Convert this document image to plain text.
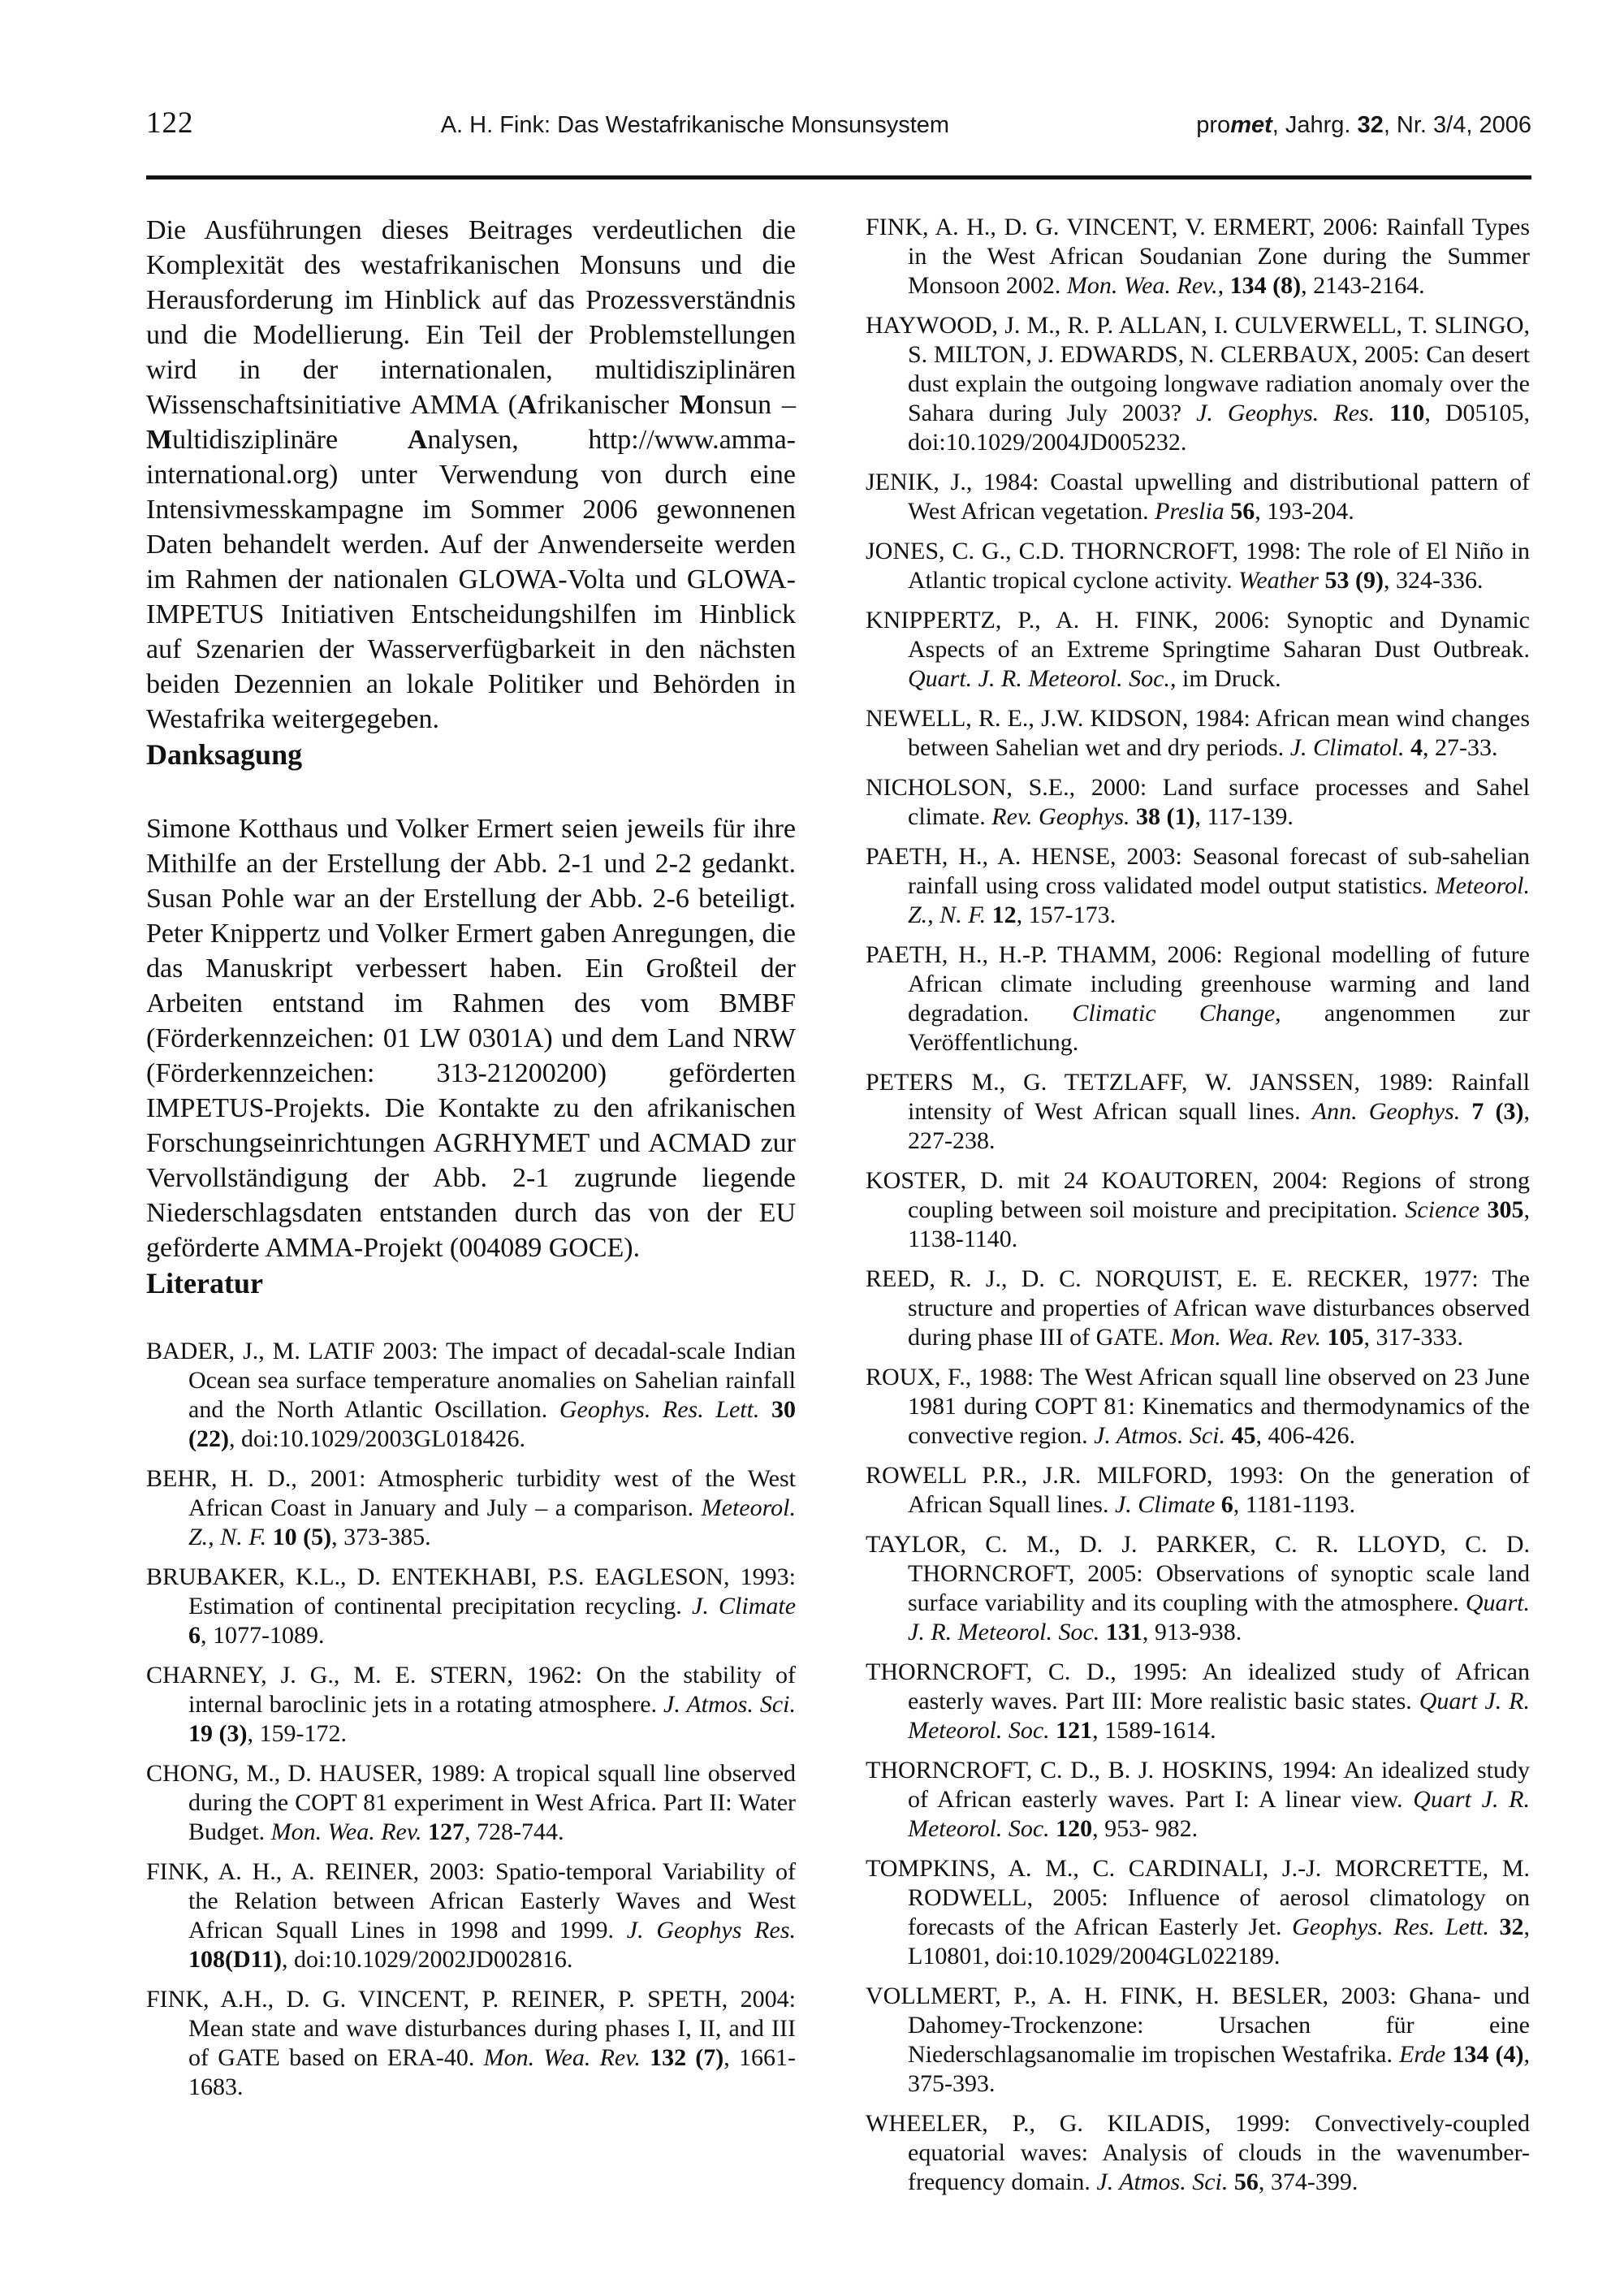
122	A. H. Fink: Das Westafrikanische Monsunsystem	promet, Jahrg. 32, Nr. 3/4, 2006

Die Ausführungen dieses Beitrages verdeutlichen die Komplexität des westafrikanischen Monsuns und die Herausforderung im Hinblick auf das Prozessverständnis und die Modellierung. Ein Teil der Problemstellungen wird in der internationalen, multidisziplinären Wissenschaftsinitiative AMMA (Afrikanischer Monsun – Multidisziplinäre Analysen, http://www.amma-international.org) unter Verwendung von durch eine Intensivmesskampagne im Sommer 2006 gewonnenen Daten behandelt werden. Auf der Anwenderseite werden im Rahmen der nationalen GLOWA-Volta und GLOWA-IMPETUS Initiativen Entscheidungshilfen im Hinblick auf Szenarien der Wasserverfügbarkeit in den nächsten beiden Dezennien an lokale Politiker und Behörden in Westafrika weitergegeben.

Danksagung

Simone Kotthaus und Volker Ermert seien jeweils für ihre Mithilfe an der Erstellung der Abb. 2-1 und 2-2 gedankt. Susan Pohle war an der Erstellung der Abb. 2-6 beteiligt. Peter Knippertz und Volker Ermert gaben Anregungen, die das Manuskript verbessert haben. Ein Großteil der Arbeiten entstand im Rahmen des vom BMBF (Förderkennzeichen: 01 LW 0301A) und dem Land NRW (Förderkennzeichen: 313-21200200) geförderten IMPETUS-Projekts. Die Kontakte zu den afrikanischen Forschungseinrichtungen AGRHYMET und ACMAD zur Vervollständigung der Abb. 2-1 zugrunde liegende Niederschlagsdaten entstanden durch das von der EU geförderte AMMA-Projekt (004089 GOCE).

Literatur

BADER, J., M. LATIF 2003: The impact of decadal-scale Indian Ocean sea surface temperature anomalies on Sahelian rainfall and the North Atlantic Oscillation. Geophys. Res. Lett. 30 (22), doi:10.1029/2003GL018426.

BEHR, H. D., 2001: Atmospheric turbidity west of the West African Coast in January and July – a comparison. Meteorol. Z., N. F. 10 (5), 373-385.

BRUBAKER, K.L., D. ENTEKHABI, P.S. EAGLESON, 1993: Estimation of continental precipitation recycling. J. Climate 6, 1077-1089.

CHARNEY, J. G., M. E. STERN, 1962: On the stability of internal baroclinic jets in a rotating atmosphere. J. Atmos. Sci. 19 (3), 159-172.

CHONG, M., D. HAUSER, 1989: A tropical squall line observed during the COPT 81 experiment in West Africa. Part II: Water Budget. Mon. Wea. Rev. 127, 728-744.

FINK, A. H., A. REINER, 2003: Spatio-temporal Variability of the Relation between African Easterly Waves and West African Squall Lines in 1998 and 1999. J. Geophys Res. 108(D11), doi:10.1029/2002JD002816.

FINK, A.H., D. G. VINCENT, P. REINER, P. SPETH, 2004: Mean state and wave disturbances during phases I, II, and III of GATE based on ERA-40. Mon. Wea. Rev. 132 (7), 1661-1683.

FINK, A. H., D. G. VINCENT, V. ERMERT, 2006: Rainfall Types in the West African Soudanian Zone during the Summer Monsoon 2002. Mon. Wea. Rev., 134 (8), 2143-2164.

HAYWOOD, J. M., R. P. ALLAN, I. CULVERWELL, T. SLINGO, S. MILTON, J. EDWARDS, N. CLERBAUX, 2005: Can desert dust explain the outgoing longwave radiation anomaly over the Sahara during July 2003? J. Geophys. Res. 110, D05105, doi:10.1029/2004JD005232.

JENIK, J., 1984: Coastal upwelling and distributional pattern of West African vegetation. Preslia 56, 193-204.

JONES, C. G., C.D. THORNCROFT, 1998: The role of El Niño in Atlantic tropical cyclone activity. Weather 53 (9), 324-336.

KNIPPERTZ, P., A. H. FINK, 2006: Synoptic and Dynamic Aspects of an Extreme Springtime Saharan Dust Outbreak. Quart. J. R. Meteorol. Soc., im Druck.

NEWELL, R. E., J.W. KIDSON, 1984: African mean wind changes between Sahelian wet and dry periods. J. Climatol. 4, 27-33.

NICHOLSON, S.E., 2000: Land surface processes and Sahel climate. Rev. Geophys. 38 (1), 117-139.

PAETH, H., A. HENSE, 2003: Seasonal forecast of sub-sahelian rainfall using cross validated model output statistics. Meteorol. Z., N. F. 12, 157-173.

PAETH, H., H.-P. THAMM, 2006: Regional modelling of future African climate including greenhouse warming and land degradation. Climatic Change, angenommen zur Veröffentlichung.

PETERS M., G. TETZLAFF, W. JANSSEN, 1989: Rainfall intensity of West African squall lines. Ann. Geophys. 7 (3), 227-238.

KOSTER, D. mit 24 KOAUTOREN, 2004: Regions of strong coupling between soil moisture and precipitation. Science 305, 1138-1140.

REED, R. J., D. C. NORQUIST, E. E. RECKER, 1977: The structure and properties of African wave disturbances observed during phase III of GATE. Mon. Wea. Rev. 105, 317-333.

ROUX, F., 1988: The West African squall line observed on 23 June 1981 during COPT 81: Kinematics and thermodynamics of the convective region. J. Atmos. Sci. 45, 406-426.

ROWELL P.R., J.R. MILFORD, 1993: On the generation of African Squall lines. J. Climate 6, 1181-1193.

TAYLOR, C. M., D. J. PARKER, C. R. LLOYD, C. D. THORNCROFT, 2005: Observations of synoptic scale land surface variability and its coupling with the atmosphere. Quart. J. R. Meteorol. Soc. 131, 913-938.

THORNCROFT, C. D., 1995: An idealized study of African easterly waves. Part III: More realistic basic states. Quart J. R. Meteorol. Soc. 121, 1589-1614.

THORNCROFT, C. D., B. J. HOSKINS, 1994: An idealized study of African easterly waves. Part I: A linear view. Quart J. R. Meteorol. Soc. 120, 953- 982.

TOMPKINS, A. M., C. CARDINALI, J.-J. MORCRETTE, M. RODWELL, 2005: Influence of aerosol climatology on forecasts of the African Easterly Jet. Geophys. Res. Lett. 32, L10801, doi:10.1029/2004GL022189.

VOLLMERT, P., A. H. FINK, H. BESLER, 2003: Ghana- und Dahomey-Trockenzone: Ursachen für eine Niederschlagsanomalie im tropischen Westafrika. Erde 134 (4), 375-393.

WHEELER, P., G. KILADIS, 1999: Convectively-coupled equatorial waves: Analysis of clouds in the wavenumber-frequency domain. J. Atmos. Sci. 56, 374-399.
